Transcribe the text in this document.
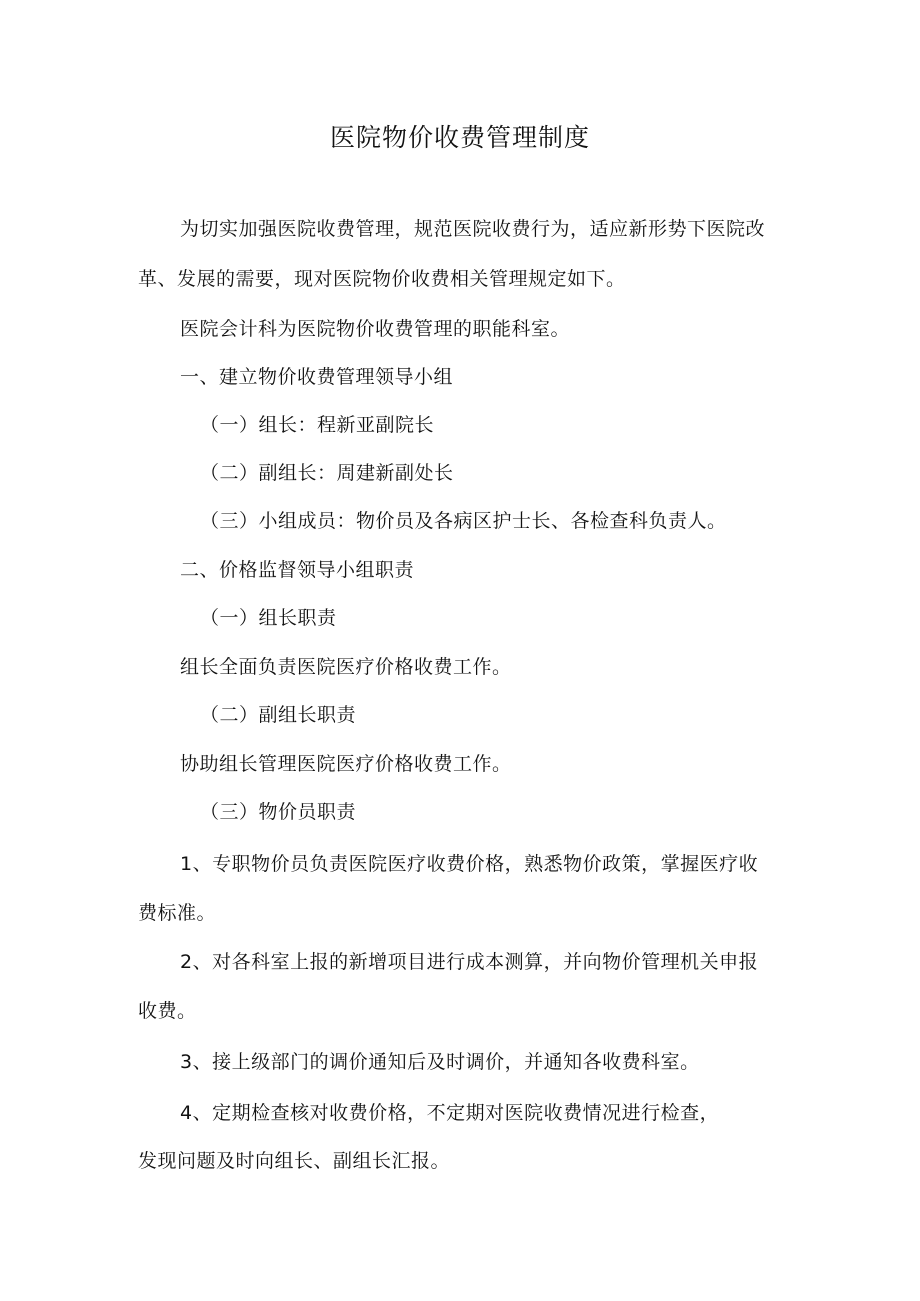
医院物价收费管理制度
为切实加强医院收费管理，规范医院收费行为，适应新形势下医院改
革、发展的需要，现对医院物价收费相关管理规定如下。
医院会计科为医院物价收费管理的职能科室。
一、建立物价收费管理领导小组
（一）组长：程新亚副院长
（二）副组长：周建新副处长
（三）小组成员：物价员及各病区护士长、各检查科负责人。
二、价格监督领导小组职责
（一）组长职责
组长全面负责医院医疗价格收费工作。
（二）副组长职责
协助组长管理医院医疗价格收费工作。
（三）物价员职责
1、专职物价员负责医院医疗收费价格，熟悉物价政策，掌握医疗收
费标准。
2、对各科室上报的新增项目进行成本测算，并向物价管理机关申报
收费。
3、接上级部门的调价通知后及时调价，并通知各收费科室。
4、定期检查核对收费价格，不定期对医院收费情况进行检查，
发现问题及时向组长、副组长汇报。
